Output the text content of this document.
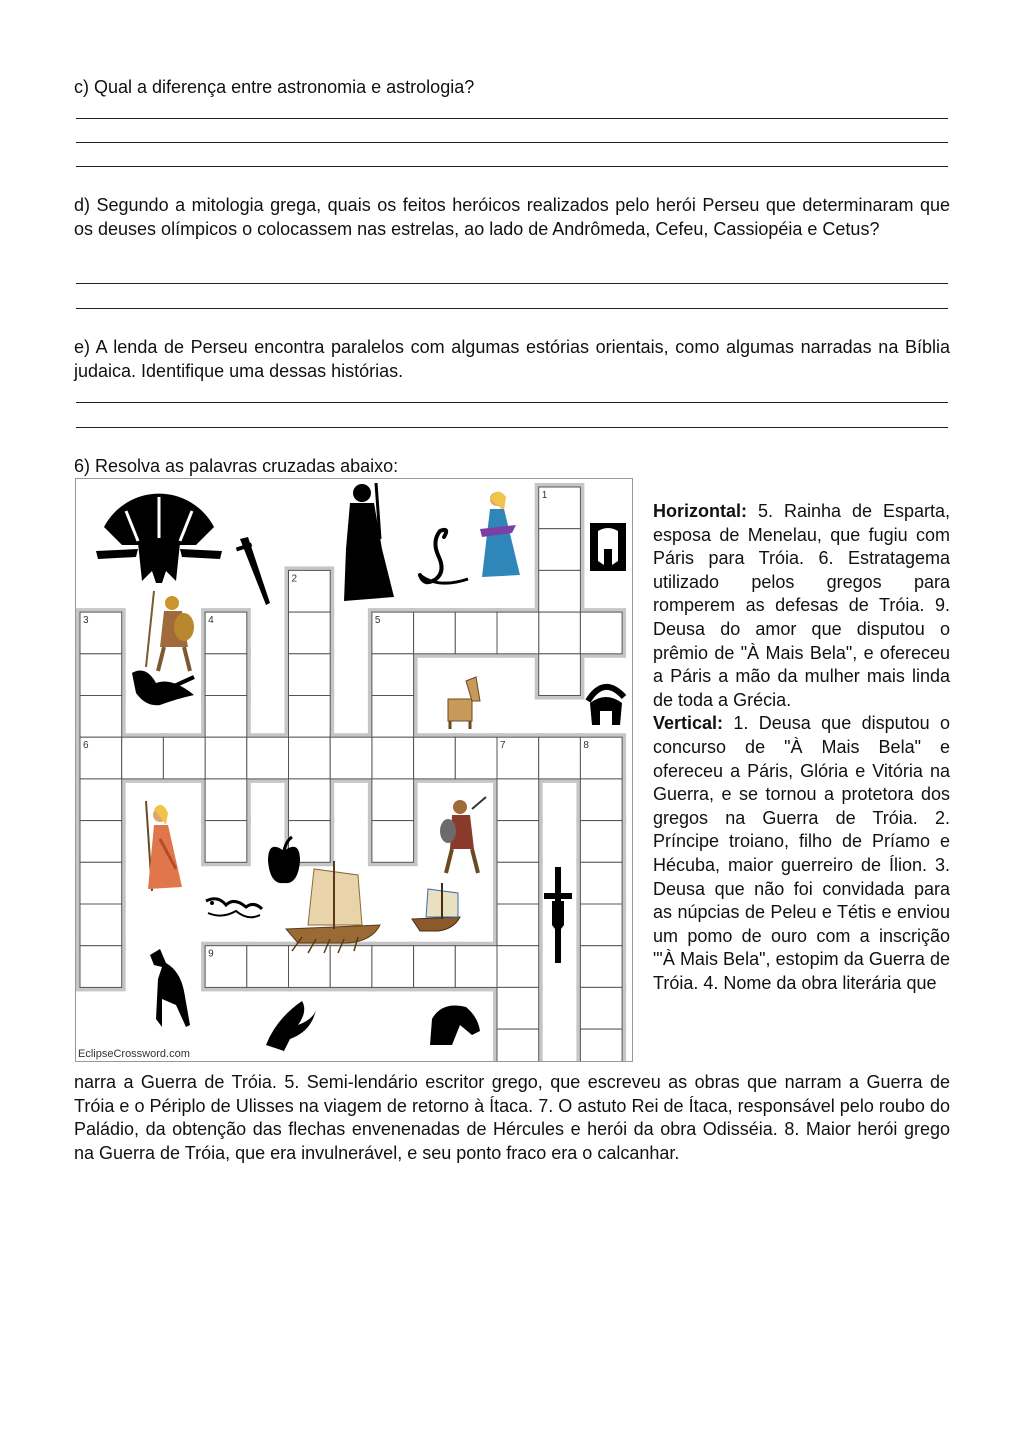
c) Qual a diferença entre astronomia e astrologia?
d) Segundo a mitologia grega, quais os feitos heróicos realizados pelo herói Perseu que determinaram que os deuses olímpicos o colocassem nas estrelas, ao lado de Andrômeda, Cefeu, Cassiopéia e Cetus?
e) A lenda de Perseu encontra paralelos com algumas estórias orientais, como algumas narradas na Bíblia judaica. Identifique uma dessas histórias.
6) Resolva as palavras cruzadas abaixo:
1
2
3	4	5
6	7	8
9
EclipseCrossword.com
Horizontal: 5. Rainha de Esparta, esposa de Menelau, que fugiu com Páris para Tróia. 6. Estratagema utilizado pelos gregos para romperem as defesas de Tróia. 9. Deusa do amor que disputou o prêmio de "À Mais Bela", e ofereceu a Páris a mão da mulher mais linda de toda a Grécia.
Vertical: 1. Deusa que disputou o concurso de "À Mais Bela" e ofereceu a Páris, Glória e Vitória na Guerra, e se tornou a protetora dos gregos na Guerra de Tróia. 2. Príncipe troiano, filho de Príamo e Hécuba, maior guerreiro de Ílion. 3. Deusa que não foi convidada para as núpcias de Peleu e Tétis e enviou um pomo de ouro com a inscrição "'À Mais Bela", estopim da Guerra de Tróia. 4. Nome da obra literária que
narra a Guerra de Tróia. 5. Semi-lendário escritor grego, que escreveu as obras que narram a Guerra de Tróia e o Périplo de Ulisses na viagem de retorno à Ítaca. 7. O astuto Rei de Ítaca, responsável pelo roubo do Paládio, da obtenção das flechas envenenadas de Hércules e herói da obra Odisséia. 8. Maior herói grego na Guerra de Tróia, que era invulnerável, e seu ponto fraco era o calcanhar.
